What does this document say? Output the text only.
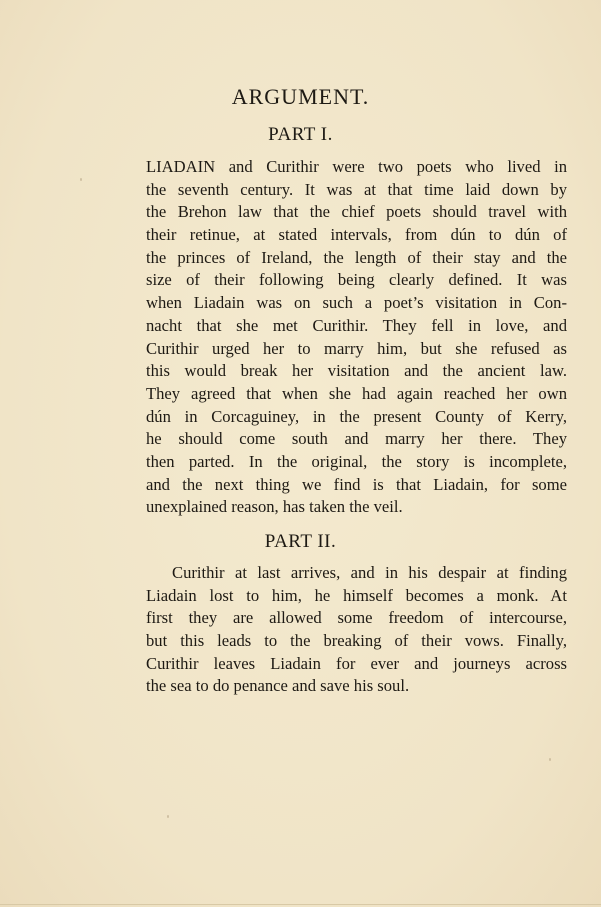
ARGUMENT.
PART I.
LIADAIN and Curithir were two poets who lived in
the seventh century. It was at that time laid down by
the Brehon law that the chief poets should travel with
their retinue, at stated intervals, from dún to dún of
the princes of Ireland, the length of their stay and the
size of their following being clearly defined. It was
when Liadain was on such a poet’s visitation in Con-
nacht that she met Curithir. They fell in love, and
Curithir urged her to marry him, but she refused as
this would break her visitation and the ancient law.
They agreed that when she had again reached her own
dún in Corcaguiney, in the present County of Kerry,
he should come south and marry her there. They
then parted. In the original, the story is incomplete,
and the next thing we find is that Liadain, for some
unexplained reason, has taken the veil.
PART II.
Curithir at last arrives, and in his despair at finding
Liadain lost to him, he himself becomes a monk. At
first they are allowed some freedom of intercourse,
but this leads to the breaking of their vows. Finally,
Curithir leaves Liadain for ever and journeys across
the sea to do penance and save his soul.
